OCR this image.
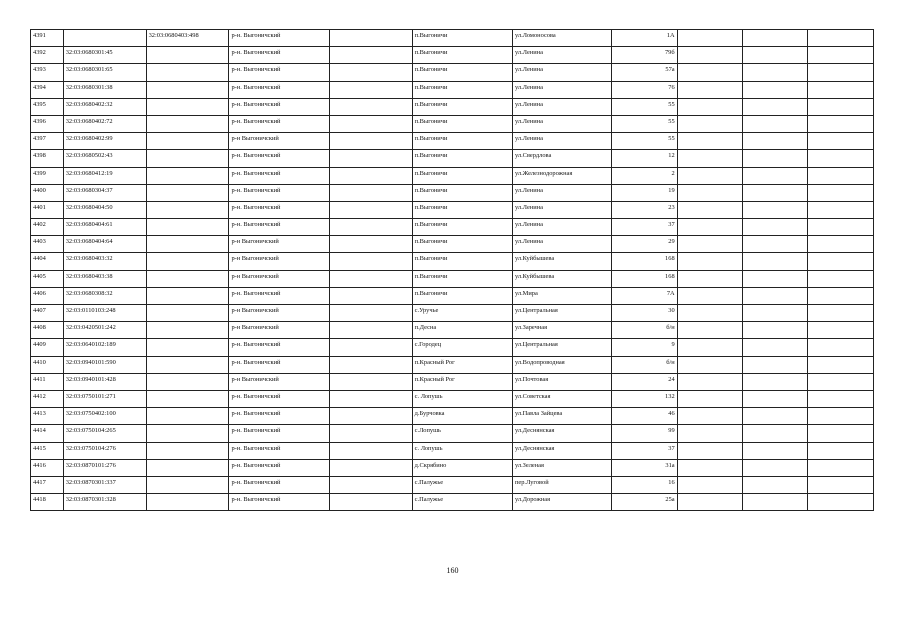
4391		32:03:0680403:498	р-н. Выгоничский		п.Выгоничи	ул.Ломоносова	1А			
4392	32:03:0680301:45		р-н. Выгоничский		п.Выгоничи	ул.Ленина	79б			
4393	32:03:0680301:65		р-н. Выгоничский		п.Выгоничи	ул.Ленина	57а			
4394	32:03:0680301:38		р-н. Выгоничский		п.Выгоничи	ул.Ленина	76			
4395	32:03:0680402:32		р-н. Выгоничский		п.Выгоничи	ул.Ленина	55			
4396	32:03:0680402:72		р-н. Выгоничский		п.Выгоничи	ул.Ленина	55			
4397	32:03:0680402:99		р-н Выгоничский		п.Выгоничи	ул.Ленина	55			
4398	32:03:0680502:43		р-н. Выгоничский		п.Выгоничи	ул.Свердлова	12			
4399	32:03:0680412:19		р-н. Выгоничский		п.Выгоничи	ул.Железнодорожная	2			
4400	32:03:0680304:37		р-н. Выгоничский		п.Выгоничи	ул.Ленина	19			
4401	32:03:0680404:50		р-н. Выгоничский		п.Выгоничи	ул.Ленина	23			
4402	32:03:0680404:61		р-н. Выгоничский		п.Выгоничи	ул.Ленина	37			
4403	32:03:0680404:64		р-н Выгоничский		п.Выгоничи	ул.Ленина	29			
4404	32:03:0680403:32		р-н Выгоничский		п.Выгоничи	ул.Куйбышева	168			
4405	32:03:0680403:38		р-н Выгоничский		п.Выгоничи	ул.Куйбышева	168			
4406	32:03:0680308:32		р-н. Выгоничский		п.Выгоничи	ул.Мира	7А			
4407	32:03:0110103:248		р-н Выгоничский		с.Уручье	ул.Центральная	30			
4408	32:03:0420501:242		р-н Выгоничский		п.Десна	ул.Заречная	б/н			
4409	32:03:0640102:189		р-н. Выгоничский		с.Городец	ул.Центральная	9			
4410	32:03:0940101:590		р-н. Выгоничский		п.Красный Рог	ул.Водопроводная	б/н			
4411	32:03:0940101:428		р-н Выгоничский		п.Красный Рог	ул.Почтовая	24			
4412	32:03:0750101:271		р-н. Выгоничский		с. Лопушь	ул.Советская	132			
4413	32:03:0750402:100		р-н. Выгоничский		д.Бурчовка	ул.Павла Зайцева	46			
4414	32:03:0750104:265		р-н. Выгоничский		с.Лопушь	ул.Деснянская	99			
4415	32:03:0750104:276		р-н. Выгоничский		с. Лопушь	ул.Деснянская	37			
4416	32:03:0870101:276		р-н. Выгоничский		д.Скрябино	ул.Зеленая	31а			
4417	32:03:0870301:337		р-н. Выгоничский		с.Палужье	пер.Луговой	16			
4418	32:03:0870301:328		р-н. Выгоничский		с.Палужье	ул.Дорожная	25а			
160
